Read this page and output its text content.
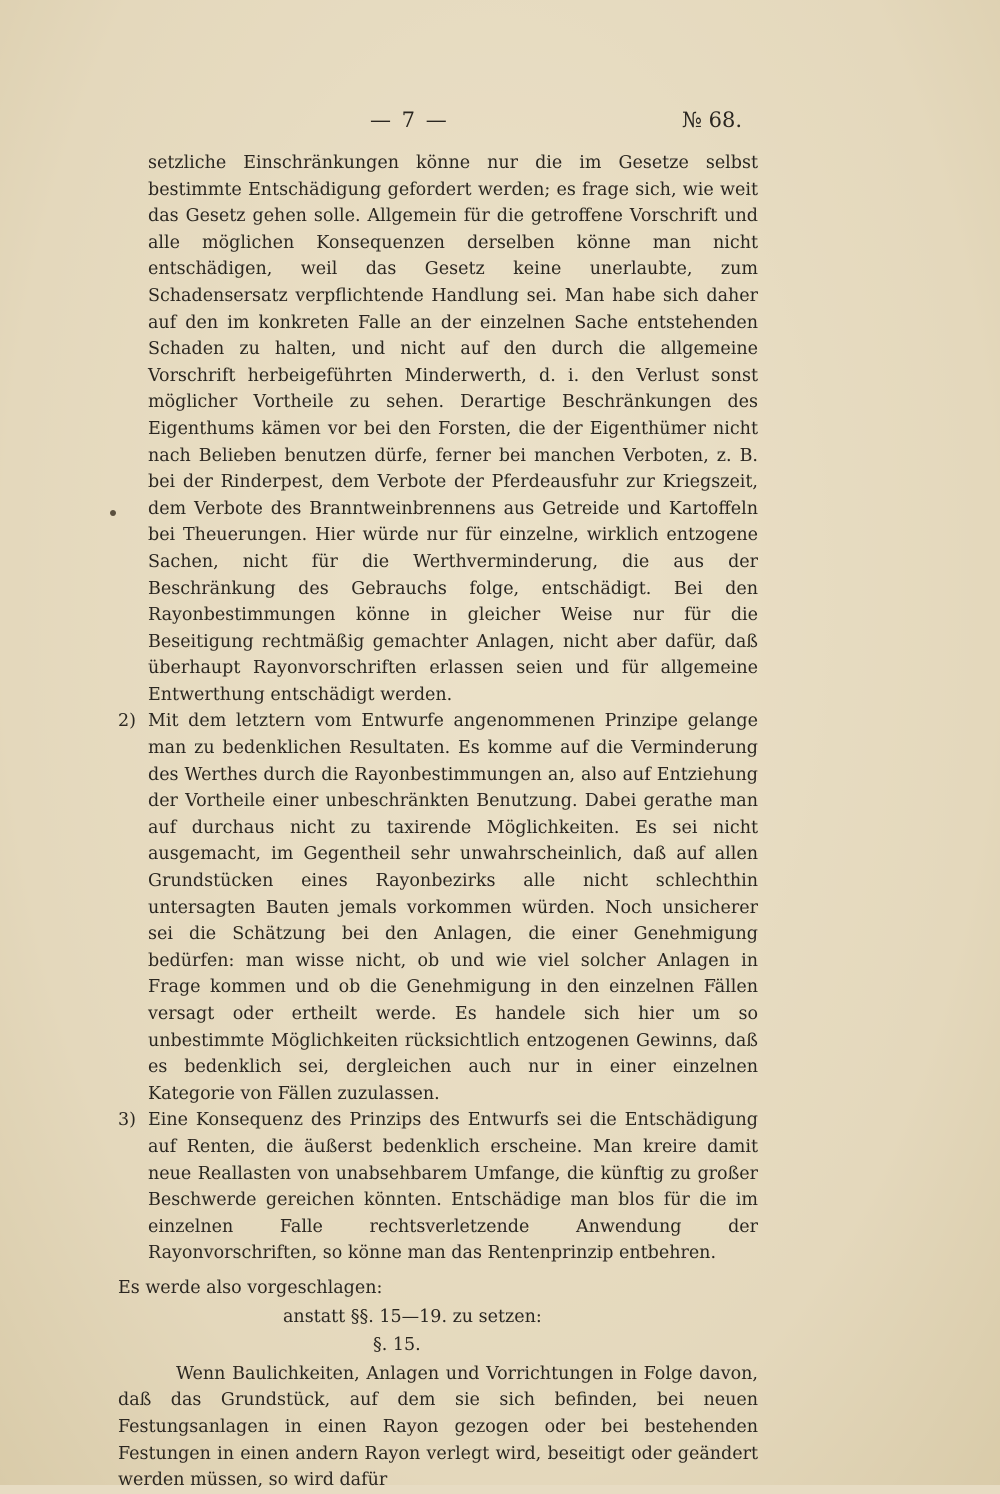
— 7 —	№ 68.

setzliche Einschränkungen könne nur die im Gesetze selbst bestimmte Entschädigung gefordert werden; es frage sich, wie weit das Gesetz gehen solle. Allgemein für die getroffene Vorschrift und alle möglichen Konsequenzen derselben könne man nicht entschädigen, weil das Gesetz keine unerlaubte, zum Schadensersatz verpflichtende Handlung sei. Man habe sich daher auf den im konkreten Falle an der einzelnen Sache entstehenden Schaden zu halten, und nicht auf den durch die allgemeine Vorschrift herbeigeführten Minderwerth, d. i. den Verlust sonst möglicher Vortheile zu sehen. Derartige Beschränkungen des Eigenthums kämen vor bei den Forsten, die der Eigenthümer nicht nach Belieben benutzen dürfe, ferner bei manchen Verboten, z. B. bei der Rinderpest, dem Verbote der Pferdeausfuhr zur Kriegszeit, dem Verbote des Branntweinbrennens aus Getreide und Kartoffeln bei Theuerungen. Hier würde nur für einzelne, wirklich entzogene Sachen, nicht für die Werthverminderung, die aus der Beschränkung des Gebrauchs folge, entschädigt. Bei den Rayonbestimmungen könne in gleicher Weise nur für die Beseitigung rechtmäßig gemachter Anlagen, nicht aber dafür, daß überhaupt Rayonvorschriften erlassen seien und für allgemeine Entwerthung entschädigt werden.

2) Mit dem letztern vom Entwurfe angenommenen Prinzipe gelange man zu bedenklichen Resultaten. Es komme auf die Verminderung des Werthes durch die Rayonbestimmungen an, also auf Entziehung der Vortheile einer unbeschränkten Benutzung. Dabei gerathe man auf durchaus nicht zu taxirende Möglichkeiten. Es sei nicht ausgemacht, im Gegentheil sehr unwahrscheinlich, daß auf allen Grundstücken eines Rayonbezirks alle nicht schlechthin untersagten Bauten jemals vorkommen würden. Noch unsicherer sei die Schätzung bei den Anlagen, die einer Genehmigung bedürfen: man wisse nicht, ob und wie viel solcher Anlagen in Frage kommen und ob die Genehmigung in den einzelnen Fällen versagt oder ertheilt werde. Es handele sich hier um so unbestimmte Möglichkeiten rücksichtlich entzogenen Gewinns, daß es bedenklich sei, dergleichen auch nur in einer einzelnen Kategorie von Fällen zuzulassen.

3) Eine Konsequenz des Prinzips des Entwurfs sei die Entschädigung auf Renten, die äußerst bedenklich erscheine. Man kreire damit neue Reallasten von unabsehbarem Umfange, die künftig zu großer Beschwerde gereichen könnten. Entschädige man blos für die im einzelnen Falle rechtsverletzende Anwendung der Rayonvorschriften, so könne man das Rentenprinzip entbehren.

Es werde also vorgeschlagen:

anstatt §§. 15—19. zu setzen:

§. 15.

Wenn Baulichkeiten, Anlagen und Vorrichtungen in Folge davon, daß das Grundstück, auf dem sie sich befinden, bei neuen Festungsanlagen in einen Rayon gezogen oder bei bestehenden Festungen in einen andern Rayon verlegt wird, beseitigt oder geändert werden müssen, so wird dafür
